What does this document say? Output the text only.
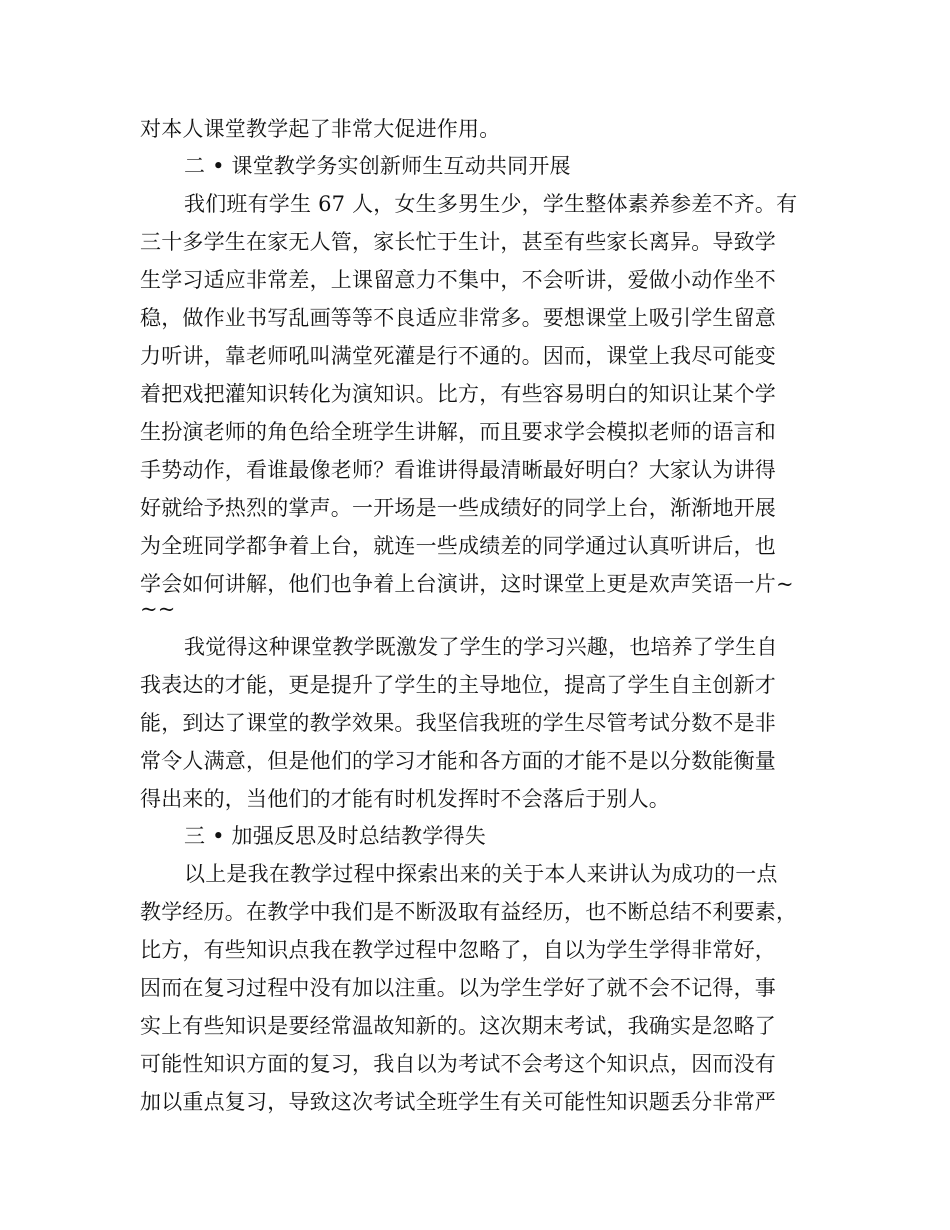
对本人课堂教学起了非常大促进作用。
二 • 课堂教学务实创新师生互动共同开展
我们班有学生 67 人，女生多男生少，学生整体素养参差不齐。有
三十多学生在家无人管，家长忙于生计，甚至有些家长离异。导致学
生学习适应非常差，上课留意力不集中，不会听讲，爱做小动作坐不
稳，做作业书写乱画等等不良适应非常多。要想课堂上吸引学生留意
力听讲，靠老师吼叫满堂死灌是行不通的。因而，课堂上我尽可能变
着把戏把灌知识转化为演知识。比方，有些容易明白的知识让某个学
生扮演老师的角色给全班学生讲解，而且要求学会模拟老师的语言和
手势动作，看谁最像老师？看谁讲得最清晰最好明白？大家认为讲得
好就给予热烈的掌声。一开场是一些成绩好的同学上台，渐渐地开展
为全班同学都争着上台，就连一些成绩差的同学通过认真听讲后，也
学会如何讲解，他们也争着上台演讲，这时课堂上更是欢声笑语一片~
~~
我觉得这种课堂教学既激发了学生的学习兴趣，也培养了学生自
我表达的才能，更是提升了学生的主导地位，提高了学生自主创新才
能，到达了课堂的教学效果。我坚信我班的学生尽管考试分数不是非
常令人满意，但是他们的学习才能和各方面的才能不是以分数能衡量
得出来的，当他们的才能有时机发挥时不会落后于别人。
三 • 加强反思及时总结教学得失
以上是我在教学过程中探索出来的关于本人来讲认为成功的一点
教学经历。在教学中我们是不断汲取有益经历，也不断总结不利要素，
比方，有些知识点我在教学过程中忽略了，自以为学生学得非常好，
因而在复习过程中没有加以注重。以为学生学好了就不会不记得，事
实上有些知识是要经常温故知新的。这次期末考试，我确实是忽略了
可能性知识方面的复习，我自以为考试不会考这个知识点，因而没有
加以重点复习，导致这次考试全班学生有关可能性知识题丢分非常严
